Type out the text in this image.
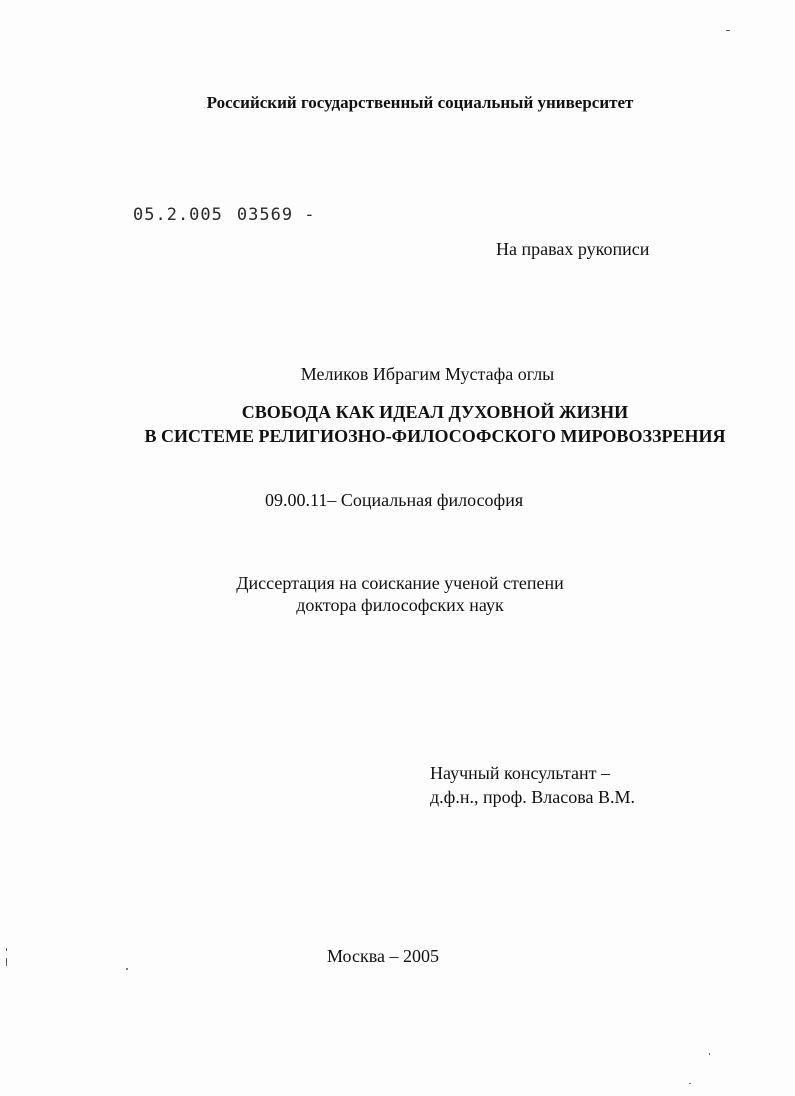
Российский государственный социальный университет
05.2.005 03569 -
На правах рукописи
Меликов Ибрагим Мустафа оглы
СВОБОДА КАК ИДЕАЛ ДУХОВНОЙ ЖИЗНИ
В СИСТЕМЕ РЕЛИГИОЗНО-ФИЛОСОФСКОГО МИРОВОЗЗРЕНИЯ
09.00.11– Социальная философия
Диссертация на соискание ученой степени
доктора философских наук
Научный консультант –
д.ф.н., проф. Власова В.М.
Москва – 2005
